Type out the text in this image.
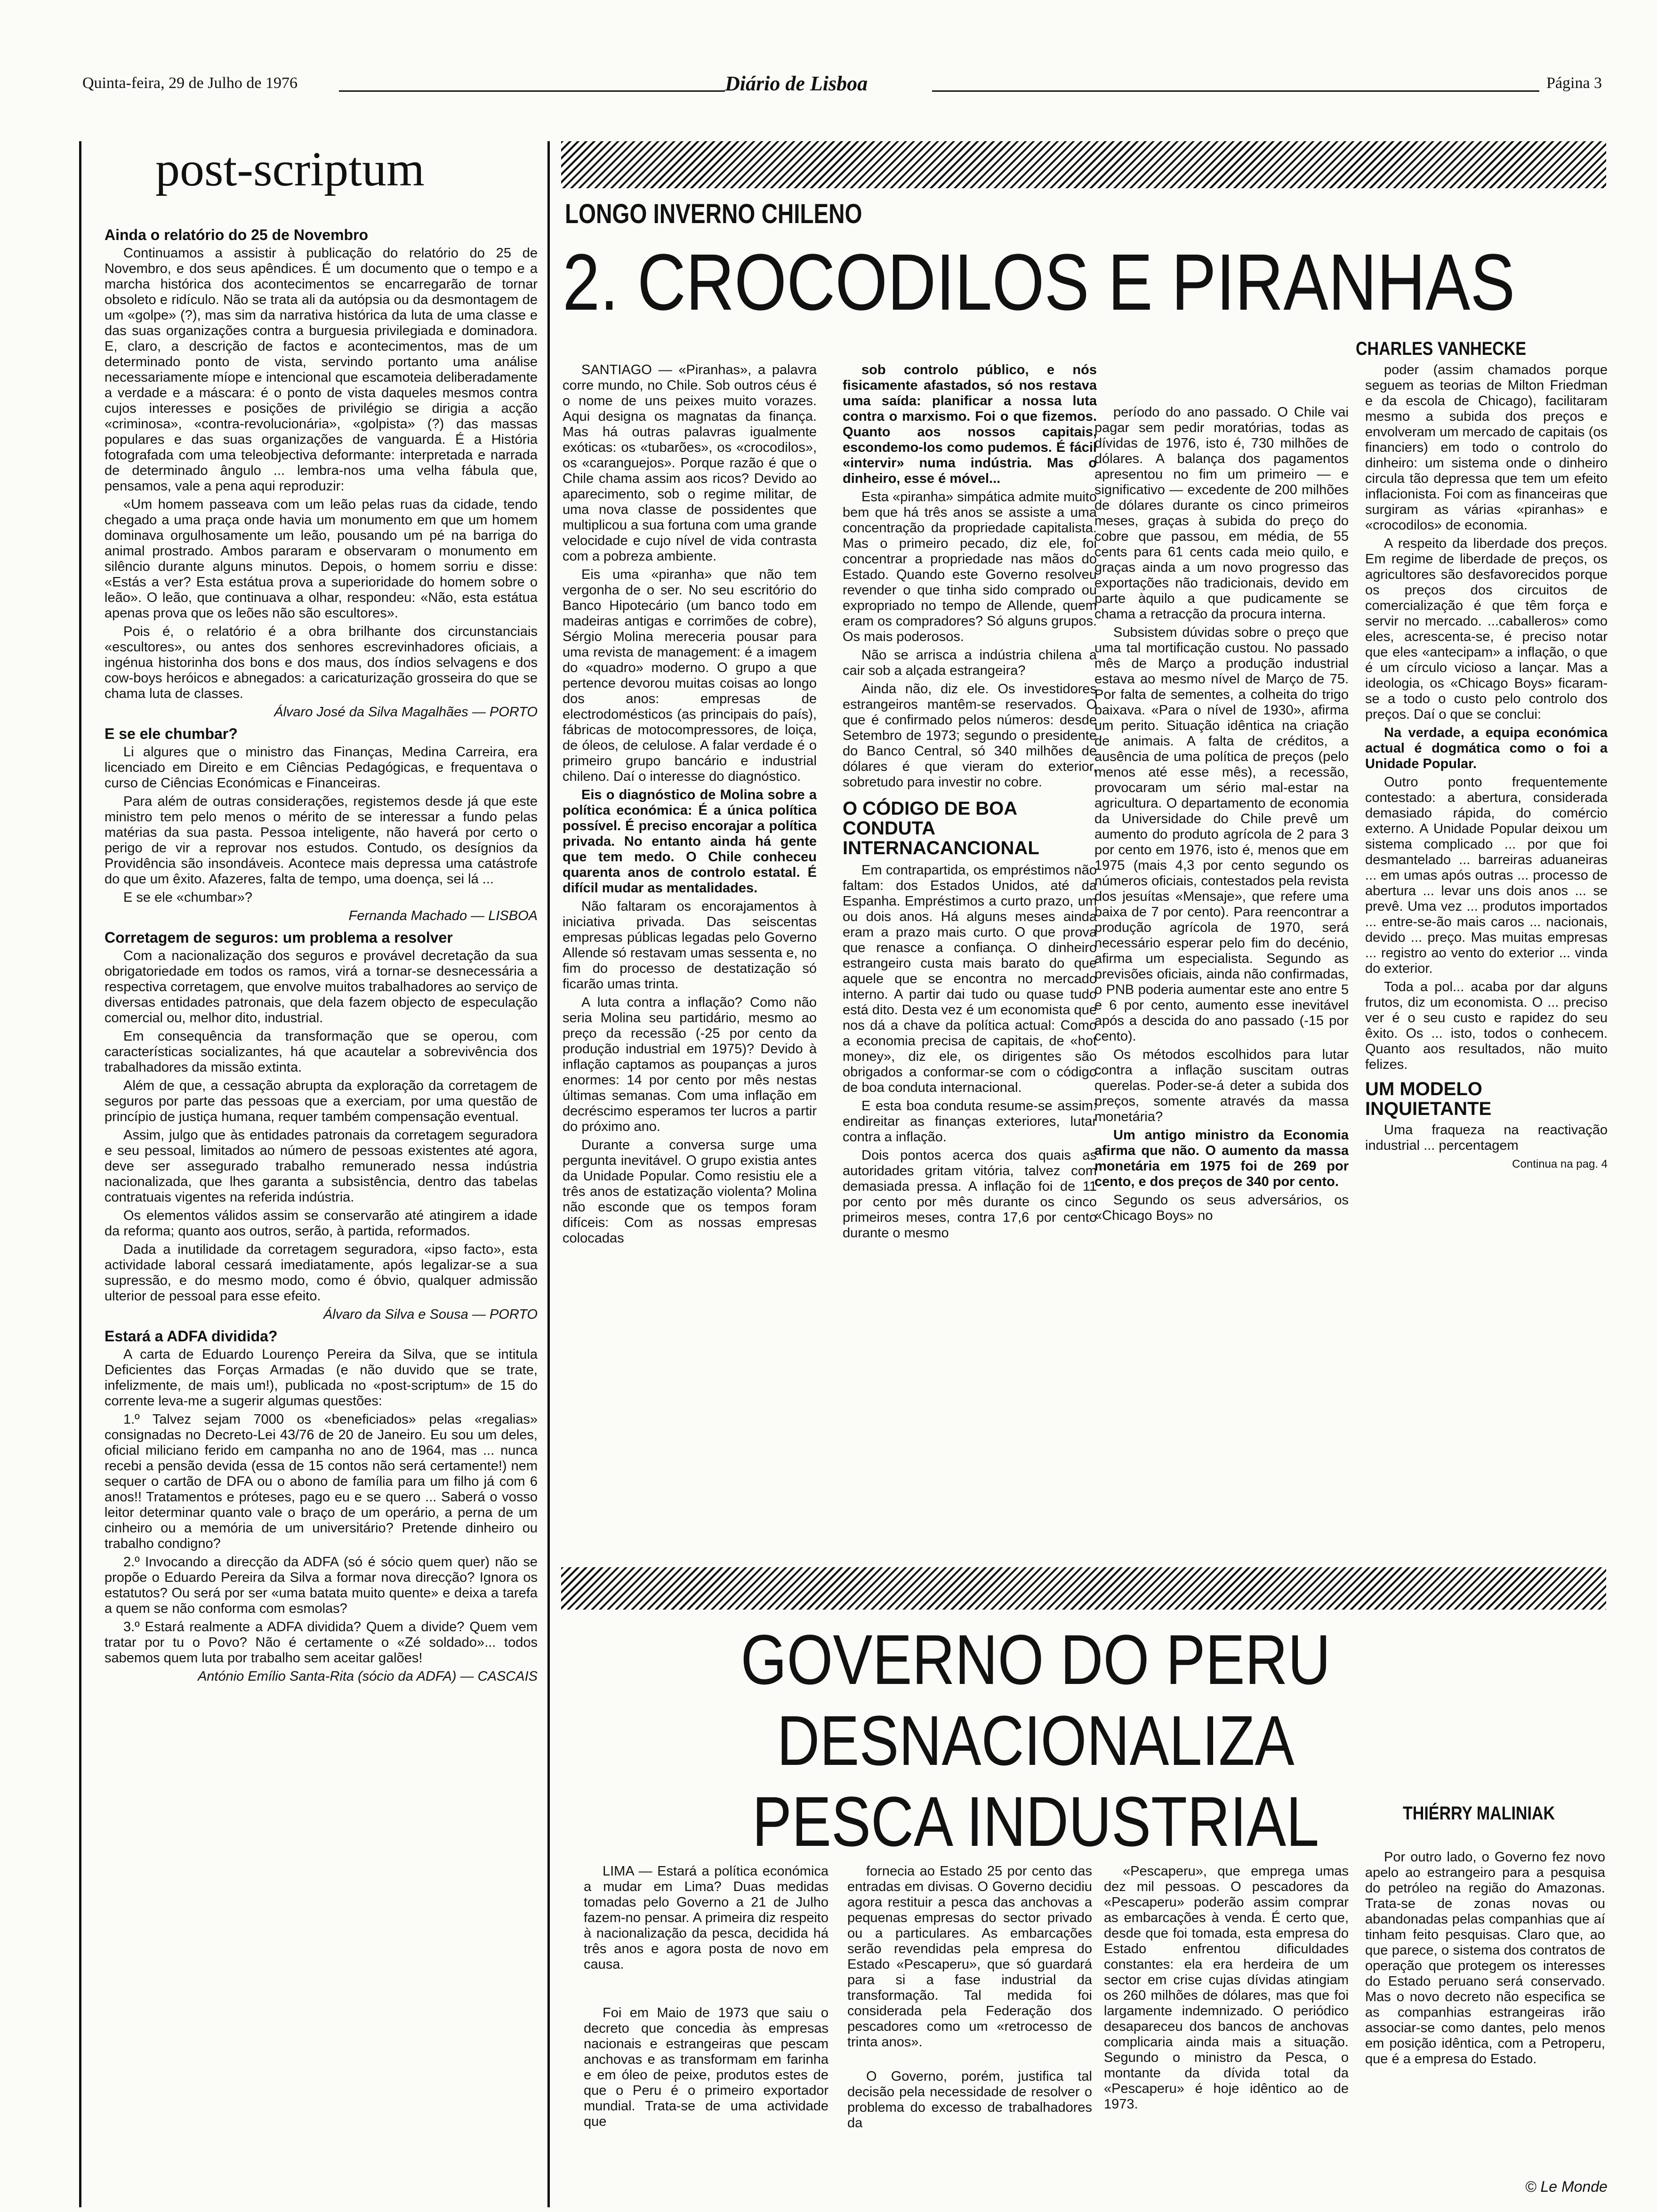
Quinta-feira, 29 de Julho de 1976	Diário de Lisboa	Página 3
post-scriptum
Ainda o relatório do 25 de Novembro

Continuamos a assistir à publicação do relatório do 25 de Novembro, e dos seus apêndices. É um documento que o tempo e a marcha histórica dos acontecimentos se encarregarão de tornar obsoleto e ridículo. Não se trata ali da autópsia ou da desmontagem de um «golpe» (?), mas sim da narrativa histórica da luta de uma classe e das suas organizações contra a burguesia privilegiada e dominadora. E, claro, a descrição de factos e acontecimentos, mas de um determinado ponto de vista, servindo portanto uma análise necessariamente míope e intencional que escamoteia deliberadamente a verdade e a máscara: é o ponto de vista daqueles mesmos contra cujos interesses e posições de privilégio se dirigia a acção «criminosa», «contra-revolucionária», «golpista» (?) das massas populares e das suas organizações de vanguarda. É a História fotografada com uma teleobjectiva deformante: interpretada e narrada de determinado ângulo ... lembra-nos uma velha fábula que, pensamos, vale a pena aqui reproduzir:

«Um homem passeava com um leão pelas ruas da cidade, tendo chegado a uma praça onde havia um monumento em que um homem dominava orgulhosamente um leão, pousando um pé na barriga do animal prostrado. Ambos pararam e observaram o monumento em silêncio durante alguns minutos. Depois, o homem sorriu e disse: «Estás a ver? Esta estátua prova a superioridade do homem sobre o leão». O leão, que continuava a olhar, respondeu: «Não, esta estátua apenas prova que os leões não são escultores».

Pois é, o relatório é a obra brilhante dos circunstanciais «escultores», ou antes dos senhores escrevinhadores oficiais, a ingénua historinha dos bons e dos maus, dos índios selvagens e dos cow-boys heróicos e abnegados: a caricaturização grosseira do que se chama luta de classes.

Álvaro José da Silva Magalhães — PORTO

E se ele chumbar?

Li algures que o ministro das Finanças, Medina Carreira, era licenciado em Direito e em Ciências Pedagógicas, e frequentava o curso de Ciências Económicas e Financeiras.

Para além de outras considerações, registemos desde já que este ministro tem pelo menos o mérito de se interessar a fundo pelas matérias da sua pasta. Pessoa inteligente, não haverá por certo o perigo de vir a reprovar nos estudos. Contudo, os desígnios da Providência são insondáveis. Acontece mais depressa uma catástrofe do que um êxito. Afazeres, falta de tempo, uma doença, sei lá ...

E se ele «chumbar»?

Fernanda Machado — LISBOA

Corretagem de seguros: um problema a resolver

Com a nacionalização dos seguros e provável decretação da sua obrigatoriedade em todos os ramos, virá a tornar-se desnecessária a respectiva corretagem, que envolve muitos trabalhadores ao serviço de diversas entidades patronais, que dela fazem objecto de especulação comercial ou, melhor dito, industrial.

Em consequência da transformação que se operou, com características socializantes, há que acautelar a sobrevivência dos trabalhadores da missão extinta.

Além de que, a cessação abrupta da exploração da corretagem de seguros por parte das pessoas que a exerciam, por uma questão de princípio de justiça humana, requer também compensação eventual.

Assim, julgo que às entidades patronais da corretagem seguradora e seu pessoal, limitados ao número de pessoas existentes até agora, deve ser assegurado trabalho remunerado nessa indústria nacionalizada, que lhes garanta a subsistência, dentro das tabelas contratuais vigentes na referida indústria.

Os elementos válidos assim se conservarão até atingirem a idade da reforma; quanto aos outros, serão, à partida, reformados.

Dada a inutilidade da corretagem seguradora, «ipso facto», esta actividade laboral cessará imediatamente, após legalizar-se a sua supressão, e do mesmo modo, como é óbvio, qualquer admissão ulterior de pessoal para esse efeito.

Álvaro da Silva e Sousa — PORTO

Estará a ADFA dividida?

A carta de Eduardo Lourenço Pereira da Silva, que se intitula Deficientes das Forças Armadas (e não duvido que se trate, infelizmente, de mais um!), publicada no «post-scriptum» de 15 do corrente leva-me a sugerir algumas questões:

1.º Talvez sejam 7000 os «beneficiados» pelas «regalias» consignadas no Decreto-Lei 43/76 de 20 de Janeiro. Eu sou um deles, oficial miliciano ferido em campanha no ano de 1964, mas ... nunca recebi a pensão devida (essa de 15 contos não será certamente!) nem sequer o cartão de DFA ou o abono de família para um filho já com 6 anos!! Tratamentos e próteses, pago eu e se quero ... Saberá o vosso leitor determinar quanto vale o braço de um operário, a perna de um cinheiro ou a memória de um universitário? Pretende dinheiro ou trabalho condigno?

2.º Invocando a direcção da ADFA (só é sócio quem quer) não se propõe o Eduardo Pereira da Silva a formar nova direcção? Ignora os estatutos? Ou será por ser «uma batata muito quente» e deixa a tarefa a quem se não conforma com esmolas?

3.º Estará realmente a ADFA dividida? Quem a divide? Quem vem tratar por tu o Povo? Não é certamente o «Zé soldado»... todos sabemos quem luta por trabalho sem aceitar galões!

António Emílio Santa-Rita (sócio da ADFA) — CASCAIS

LONGO INVERNO CHILENO
2. CROCODILOS E PIRANHAS
CHARLES VANHECKE

SANTIAGO — «Piranhas», a palavra corre mundo, no Chile. Sob outros céus é o nome de uns peixes muito vorazes. Aqui designa os magnatas da finança. Mas há outras palavras igualmente exóticas: os «tubarões», os «crocodilos», os «caranguejos». Porque razão é que o Chile chama assim aos ricos? Devido ao aparecimento, sob o regime militar, de uma nova classe de possidentes que multiplicou a sua fortuna com uma grande velocidade e cujo nível de vida contrasta com a pobreza ambiente.

Eis uma «piranha» que não tem vergonha de o ser. No seu escritório do Banco Hipotecário (um banco todo em madeiras antigas e corrimões de cobre), Sérgio Molina mereceria pousar para uma revista de management: é a imagem do «quadro» moderno. O grupo a que pertence devorou muitas coisas ao longo dos anos: empresas de electrodomésticos (as principais do país), fábricas de motocompressores, de loiça, de óleos, de celulose. A falar verdade é o primeiro grupo bancário e industrial chileno. Daí o interesse do diagnóstico.

Eis o diagnóstico de Molina sobre a política económica: É a única política possível. É preciso encorajar a política privada. No entanto ainda há gente que tem medo. O Chile conheceu quarenta anos de controlo estatal. É difícil mudar as mentalidades.

Não faltaram os encorajamentos à iniciativa privada. Das seiscentas empresas públicas legadas pelo Governo Allende só restavam umas sessenta e, no fim do processo de destatização só ficarão umas trinta.

A luta contra a inflação? Como não seria Molina seu partidário, mesmo ao preço da recessão (-25 por cento da produção industrial em 1975)? Devido à inflação captamos as poupanças a juros enormes: 14 por cento por mês nestas últimas semanas. Com uma inflação em decréscimo esperamos ter lucros a partir do próximo ano.

Durante a conversa surge uma pergunta inevitável. O grupo existia antes da Unidade Popular. Como resistiu ele a três anos de estatização violenta? Molina não esconde que os tempos foram difíceis: Com as nossas empresas colocadas

sob controlo público, e nós fisicamente afastados, só nos restava uma saída: planificar a nossa luta contra o marxismo. Foi o que fizemos. Quanto aos nossos capitais, escondemo-los como pudemos. É fácil «intervir» numa indústria. Mas o dinheiro, esse é móvel...

Esta «piranha» simpática admite muito bem que há três anos se assiste a uma concentração da propriedade capitalista. Mas o primeiro pecado, diz ele, foi concentrar a propriedade nas mãos do Estado. Quando este Governo resolveu revender o que tinha sido comprado ou expropriado no tempo de Allende, quem eram os compradores? Só alguns grupos. Os mais poderosos.

Não se arrisca a indústria chilena a cair sob a alçada estrangeira?

Ainda não, diz ele. Os investidores estrangeiros mantêm-se reservados. O que é confirmado pelos números: desde Setembro de 1973; segundo o presidente do Banco Central, só 340 milhões de dólares é que vieram do exterior, sobretudo para investir no cobre.

O CÓDIGO DE BOA CONDUTA INTERNACANCIONAL

Em contrapartida, os empréstimos não faltam: dos Estados Unidos, até da Espanha. Empréstimos a curto prazo, um ou dois anos. Há alguns meses ainda eram a prazo mais curto. O que prova que renasce a confiança. O dinheiro estrangeiro custa mais barato do que aquele que se encontra no mercado interno. A partir dai tudo ou quase tudo está dito. Desta vez é um economista que nos dá a chave da política actual: Como a economia precisa de capitais, de «hot money», diz ele, os dirigentes são obrigados a conformar-se com o código de boa conduta internacional.

E esta boa conduta resume-se assim: endireitar as finanças exteriores, lutar contra a inflação.

Dois pontos acerca dos quais as autoridades gritam vitória, talvez com demasiada pressa. A inflação foi de 11 por cento por mês durante os cinco primeiros meses, contra 17,6 por cento durante o mesmo

período do ano passado. O Chile vai pagar sem pedir moratórias, todas as dívidas de 1976, isto é, 730 milhões de dólares. A balança dos pagamentos apresentou no fim um primeiro — e significativo — excedente de 200 milhões de dólares durante os cinco primeiros meses, graças à subida do preço do cobre que passou, em média, de 55 cents para 61 cents cada meio quilo, e graças ainda a um novo progresso das exportações não tradicionais, devido em parte àquilo a que pudicamente se chama a retracção da procura interna.

Subsistem dúvidas sobre o preço que uma tal mortificação custou. No passado mês de Março a produção industrial estava ao mesmo nível de Março de 75. Por falta de sementes, a colheita do trigo baixava. «Para o nível de 1930», afirma um perito. Situação idêntica na criação de animais. A falta de créditos, a ausência de uma política de preços (pelo menos até esse mês), a recessão, provocaram um sério mal-estar na agricultura. O departamento de economia da Universidade do Chile prevê um aumento do produto agrícola de 2 para 3 por cento em 1976, isto é, menos que em 1975 (mais 4,3 por cento segundo os números oficiais, contestados pela revista dos jesuítas «Mensaje», que refere uma baixa de 7 por cento). Para reencontrar a produção agrícola de 1970, será necessário esperar pelo fim do decénio, afirma um especialista. Segundo as previsões oficiais, ainda não confirmadas, o PNB poderia aumentar este ano entre 5 e 6 por cento, aumento esse inevitável após a descida do ano passado (-15 por cento).

Os métodos escolhidos para lutar contra a inflação suscitam outras querelas. Poder-se-á deter a subida dos preços, somente através da massa monetária?

Um antigo ministro da Economia afirma que não. O aumento da massa monetária em 1975 foi de 269 por cento, e dos preços de 340 por cento.

Segundo os seus adversários, os «Chicago Boys» no

poder (assim chamados porque seguem as teorias de Milton Friedman e da escola de Chicago), facilitaram mesmo a subida dos preços e envolveram um mercado de capitais (os financiers) em todo o controlo do dinheiro: um sistema onde o dinheiro circula tão depressa que tem um efeito inflacionista. Foi com as financeiras que surgiram as várias «piranhas» e «crocodilos» de economia.

A respeito da liberdade dos preços. Em regime de liberdade de preços, os agricultores são desfavorecidos porque os preços dos circuitos de comercialização é que têm força e servir no mercado. ...caballeros» como eles, acrescenta-se, é preciso notar que eles «antecipam» a inflação, o que é um círculo vicioso a lançar. Mas a ideologia, os «Chicago Boys» ficaram-se a todo o custo pelo controlo dos preços. Daí o que se conclui:

Na verdade, a equipa económica actual é dogmática como o foi a Unidade Popular.

Outro ponto frequentemente contestado: a abertura, considerada demasiado rápida, do comércio externo. A Unidade Popular deixou um sistema complicado ... por que foi desmantelado ... barreiras aduaneiras ... em umas após outras ... processo de abertura ... levar uns dois anos ... se prevê. Uma vez ... produtos importados ... entre-se-ão mais caros ... nacionais, devido ... preço. Mas muitas empresas ... registro ao vento do exterior ... vinda do exterior.

Toda a pol... acaba por dar alguns frutos, diz um economista. O ... preciso ver é o seu custo e rapidez do seu êxito. Os ... isto, todos o conhecem. Quanto aos resultados, não muito felizes.

UM MODELO INQUIETANTE

Uma fraqueza na reactivação industrial ... percentagem

Continua na pag. 4

GOVERNO DO PERU
DESNACIONALIZA
PESCA INDUSTRIAL	THIÉRRY MALINIAK

LIMA — Estará a política económica a mudar em Lima? Duas medidas tomadas pelo Governo a 21 de Julho fazem-no pensar. A primeira diz respeito à nacionalização da pesca, decidida há três anos e agora posta de novo em causa.

Foi em Maio de 1973 que saiu o decreto que concedia às empresas nacionais e estrangeiras que pescam anchovas e as transformam em farinha e em óleo de peixe, produtos estes de que o Peru é o primeiro exportador mundial. Trata-se de uma actividade que

fornecia ao Estado 25 por cento das entradas em divisas. O Governo decidiu agora restituir a pesca das anchovas a pequenas empresas do sector privado ou a particulares. As embarcações serão revendidas pela empresa do Estado «Pescaperu», que só guardará para si a fase industrial da transformação. Tal medida foi considerada pela Federação dos pescadores como um «retrocesso de trinta anos».

O Governo, porém, justifica tal decisão pela necessidade de resolver o problema do excesso de trabalhadores da

«Pescaperu», que emprega umas dez mil pessoas. O pescadores da «Pescaperu» poderão assim comprar as embarcações à venda. É certo que, desde que foi tomada, esta empresa do Estado enfrentou dificuldades constantes: ela era herdeira de um sector em crise cujas dívidas atingiam os 260 milhões de dólares, mas que foi largamente indemnizado. O periódico desapareceu dos bancos de anchovas complicaria ainda mais a situação. Segundo o ministro da Pesca, o montante da dívida total da «Pescaperu» é hoje idêntico ao de 1973.

Por outro lado, o Governo fez novo apelo ao estrangeiro para a pesquisa do petróleo na região do Amazonas. Trata-se de zonas novas ou abandonadas pelas companhias que aí tinham feito pesquisas. Claro que, ao que parece, o sistema dos contratos de operação que protegem os interesses do Estado peruano será conservado. Mas o novo decreto não especifica se as companhias estrangeiras irão associar-se como dantes, pelo menos em posição idêntica, com a Petroperu, que é a empresa do Estado.

© Le Monde
